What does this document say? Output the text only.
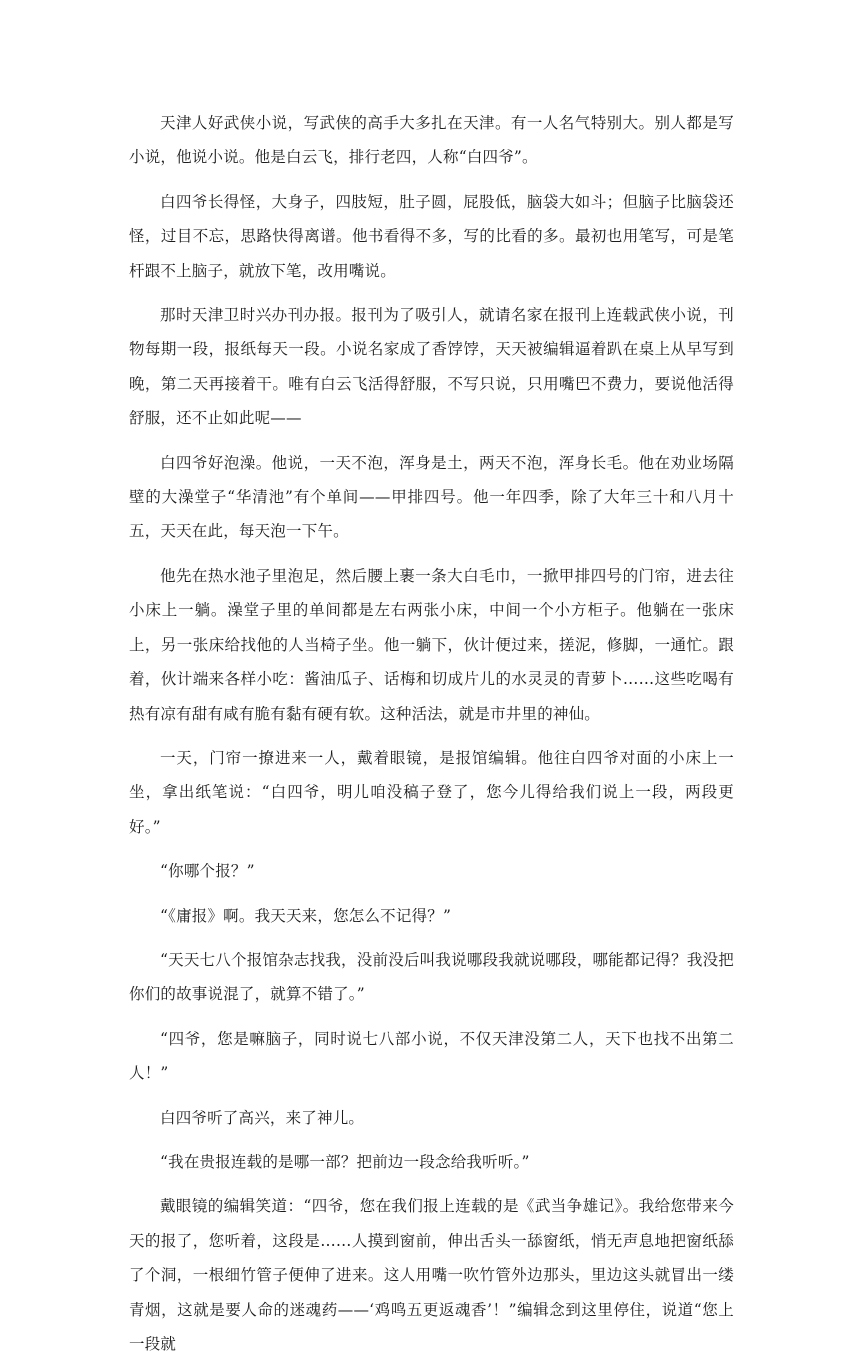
天津人好武侠小说，写武侠的高手大多扎在天津。有一人名气特别大。别人都是写小说，他说小说。他是白云飞，排行老四，人称“白四爷”。

白四爷长得怪，大身子，四肢短，肚子圆，屁股低，脑袋大如斗；但脑子比脑袋还怪，过目不忘，思路快得离谱。他书看得不多，写的比看的多。最初也用笔写，可是笔杆跟不上脑子，就放下笔，改用嘴说。

那时天津卫时兴办刊办报。报刊为了吸引人，就请名家在报刊上连载武侠小说，刊物每期一段，报纸每天一段。小说名家成了香饽饽，天天被编辑逼着趴在桌上从早写到晚，第二天再接着干。唯有白云飞活得舒服，不写只说，只用嘴巴不费力，要说他活得舒服，还不止如此呢——

白四爷好泡澡。他说，一天不泡，浑身是土，两天不泡，浑身长毛。他在劝业场隔壁的大澡堂子“华清池”有个单间——甲排四号。他一年四季，除了大年三十和八月十五，天天在此，每天泡一下午。

他先在热水池子里泡足，然后腰上裹一条大白毛巾，一掀甲排四号的门帘，进去往小床上一躺。澡堂子里的单间都是左右两张小床，中间一个小方柜子。他躺在一张床上，另一张床给找他的人当椅子坐。他一躺下，伙计便过来，搓泥，修脚，一通忙。跟着，伙计端来各样小吃：酱油瓜子、话梅和切成片儿的水灵灵的青萝卜……这些吃喝有热有凉有甜有咸有脆有黏有硬有软。这种活法，就是市井里的神仙。

一天，门帘一撩进来一人，戴着眼镜，是报馆编辑。他往白四爷对面的小床上一坐，拿出纸笔说：“白四爷，明儿咱没稿子登了，您今儿得给我们说上一段，两段更好。”

“你哪个报？”

“《庸报》啊。我天天来，您怎么不记得？”

“天天七八个报馆杂志找我，没前没后叫我说哪段我就说哪段，哪能都记得？我没把你们的故事说混了，就算不错了。”

“四爷，您是嘛脑子，同时说七八部小说，不仅天津没第二人，天下也找不出第二人！”

白四爷听了高兴，来了神儿。

“我在贵报连载的是哪一部？把前边一段念给我听听。”

戴眼镜的编辑笑道：“四爷，您在我们报上连载的是《武当争雄记》。我给您带来今天的报了，您听着，这段是……人摸到窗前，伸出舌头一舔窗纸，悄无声息地把窗纸舔了个洞，一根细竹管子便伸了进来。这人用嘴一吹竹管外边那头，里边这头就冒出一缕青烟，这就是要人命的迷魂药——‘鸡鸣五更返魂香’！”编辑念到这里停住，说道“您上一段就
